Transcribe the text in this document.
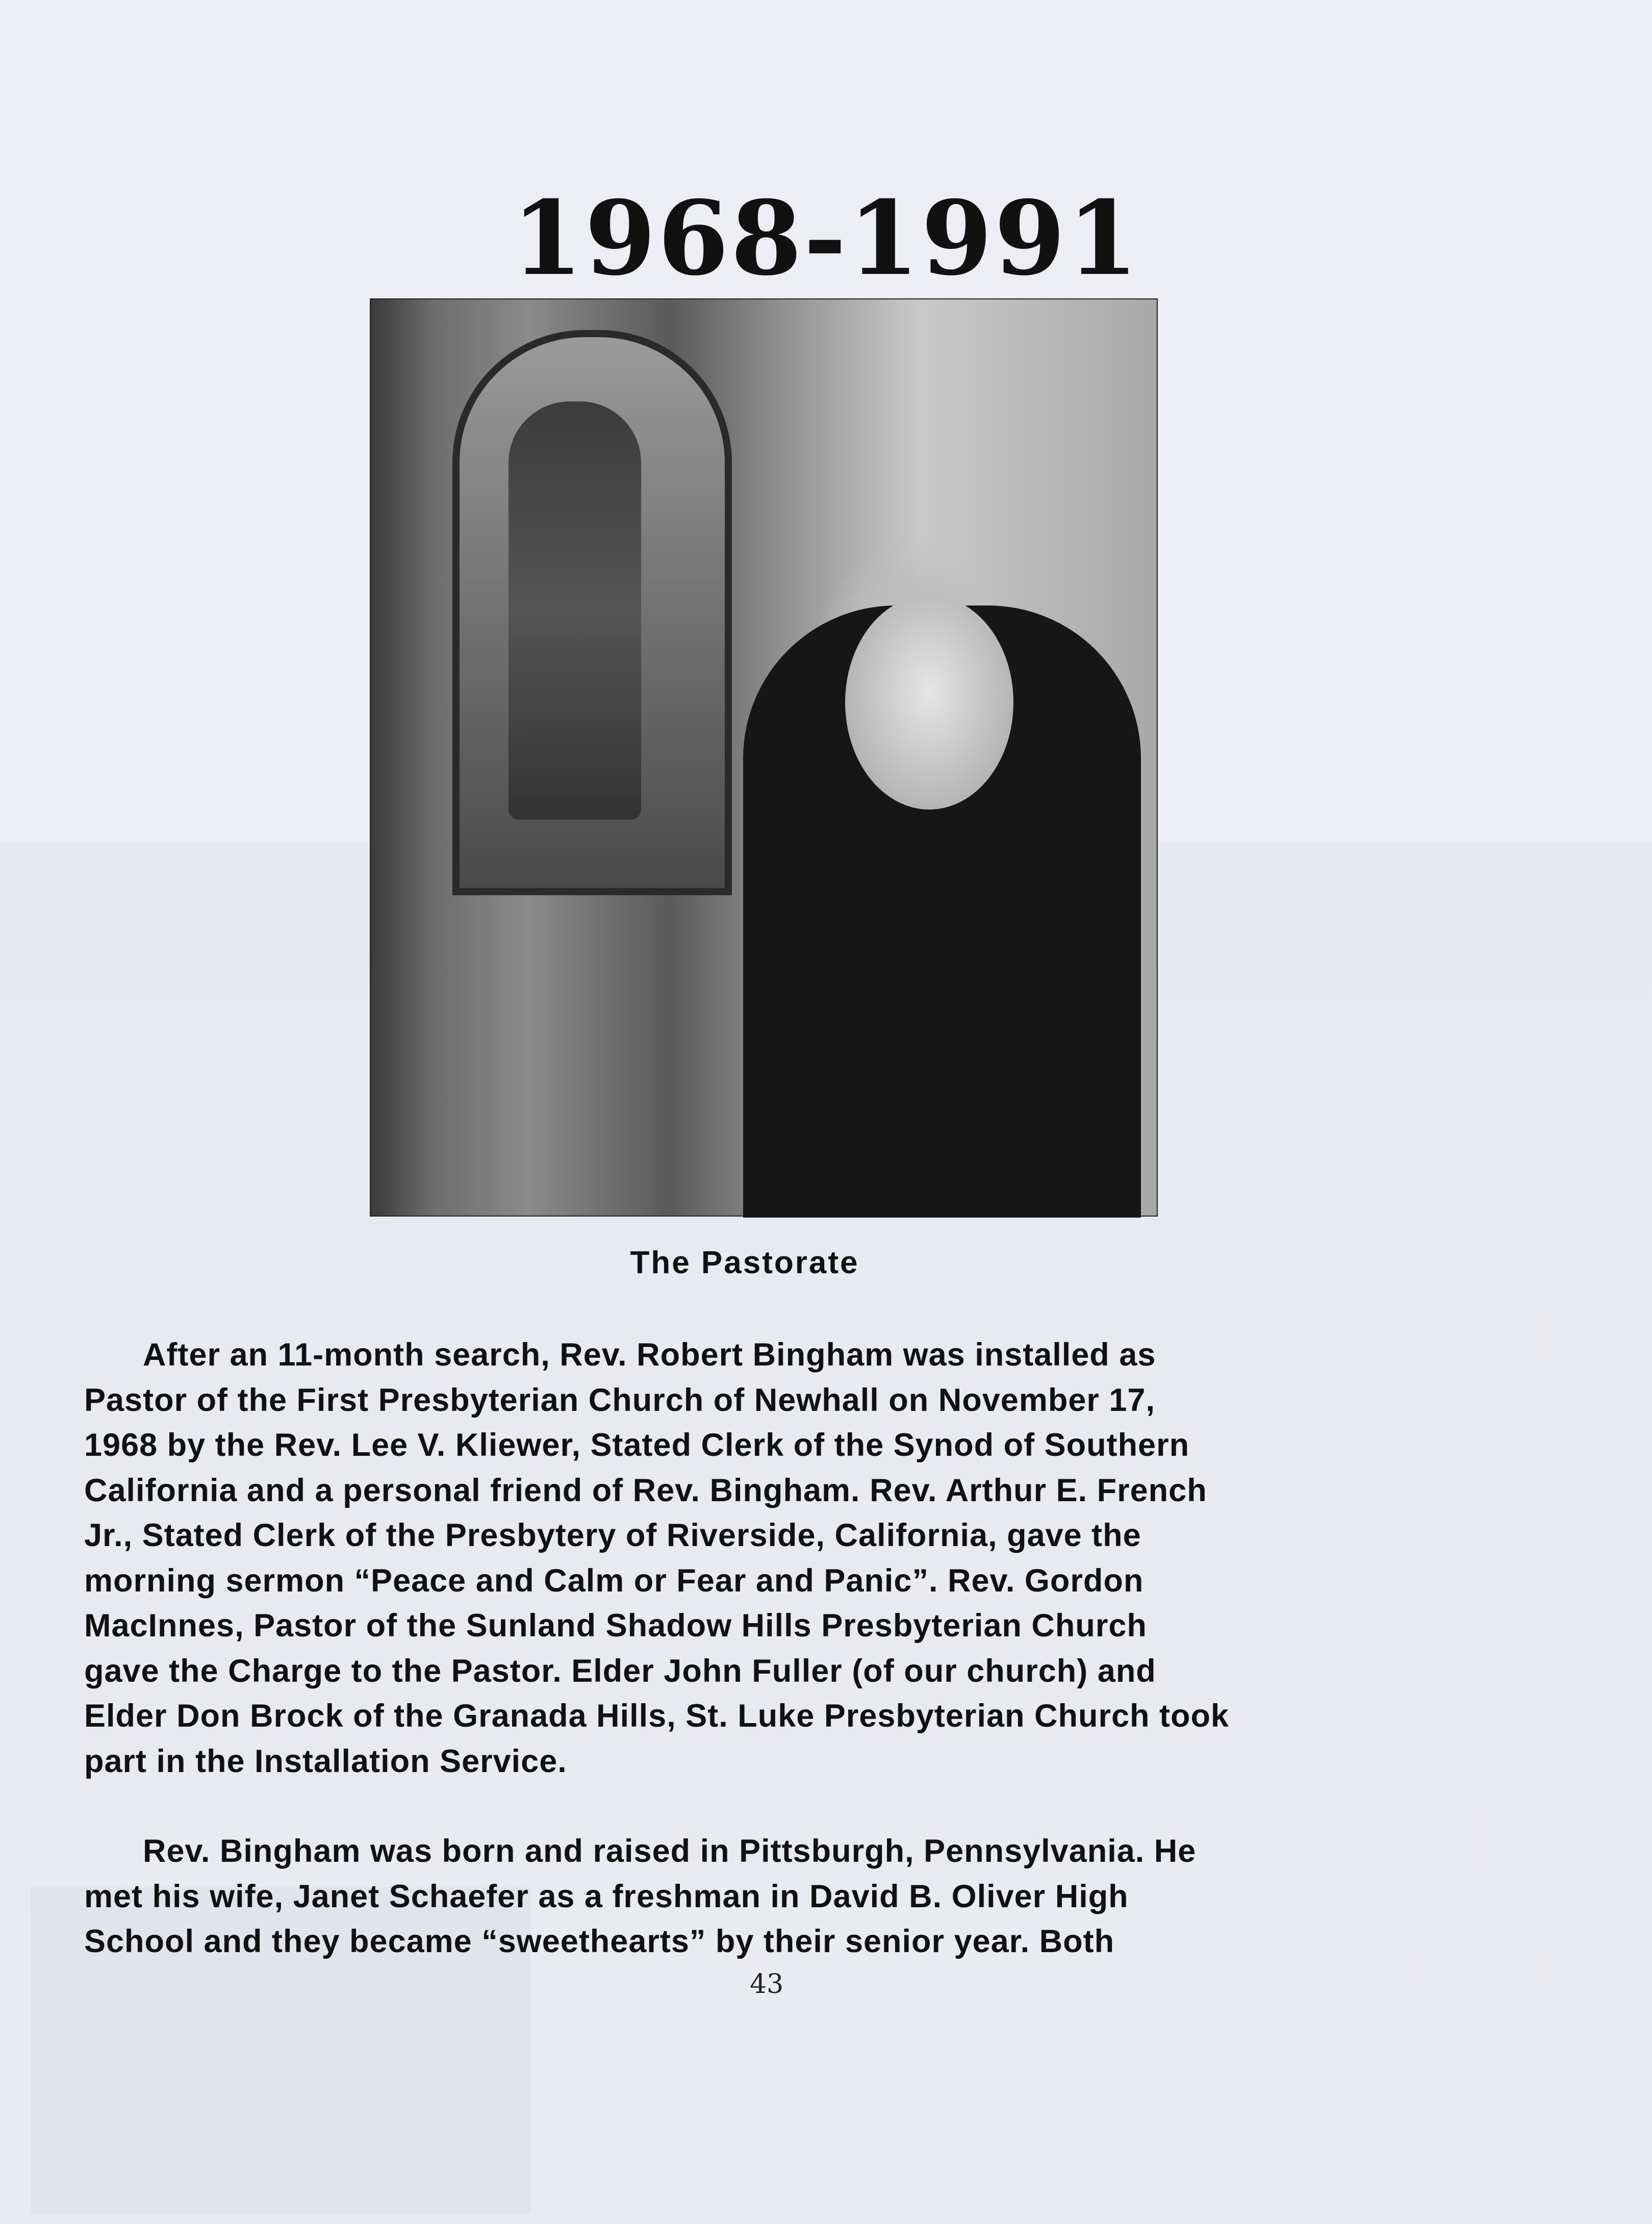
1968-1991
The Pastorate
After an 11-month search, Rev. Robert Bingham was installed as
Pastor of the First Presbyterian Church of Newhall on November 17,
1968 by the Rev. Lee V. Kliewer, Stated Clerk of the Synod of Southern
California and a personal friend of Rev. Bingham. Rev. Arthur E. French
Jr., Stated Clerk of the Presbytery of Riverside, California, gave the
morning sermon “Peace and Calm or Fear and Panic”. Rev. Gordon
MacInnes, Pastor of the Sunland Shadow Hills Presbyterian Church
gave the Charge to the Pastor. Elder John Fuller (of our church) and
Elder Don Brock of the Granada Hills, St. Luke Presbyterian Church took
part in the Installation Service.
Rev. Bingham was born and raised in Pittsburgh, Pennsylvania. He
met his wife, Janet Schaefer as a freshman in David B. Oliver High
School and they became “sweethearts” by their senior year. Both
43
